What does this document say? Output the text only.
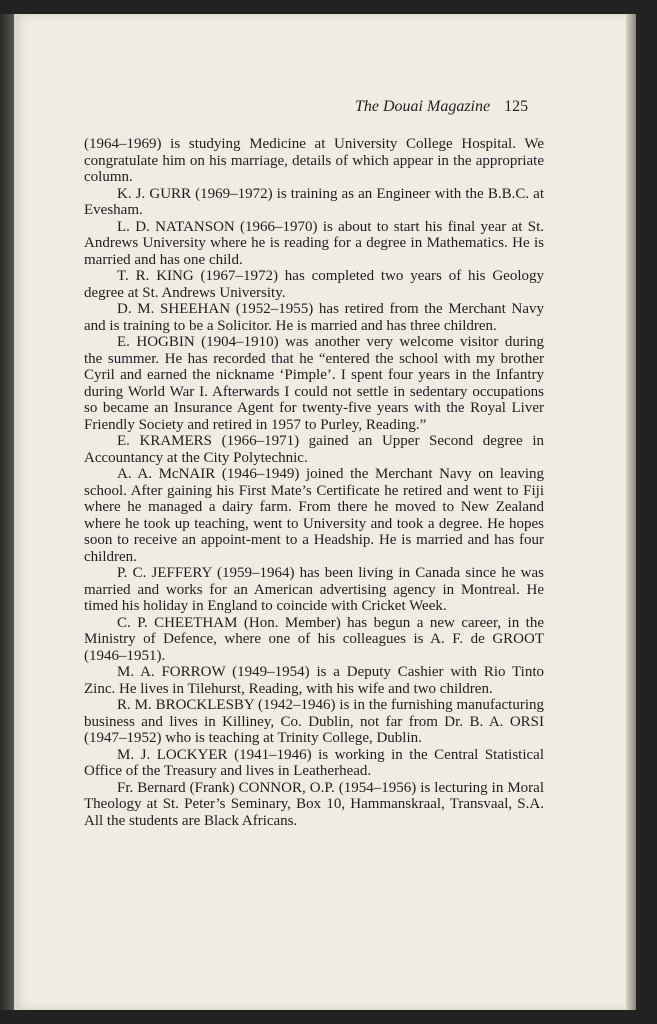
The Douai Magazine 125

(1964–1969) is studying Medicine at University College Hospital. We congratulate him on his marriage, details of which appear in the appropriate column.

K. J. GURR (1969–1972) is training as an Engineer with the B.B.C. at Evesham.

L. D. NATANSON (1966–1970) is about to start his final year at St. Andrews University where he is reading for a degree in Mathematics. He is married and has one child.

T. R. KING (1967–1972) has completed two years of his Geology degree at St. Andrews University.

D. M. SHEEHAN (1952–1955) has retired from the Merchant Navy and is training to be a Solicitor. He is married and has three children.

E. HOGBIN (1904–1910) was another very welcome visitor during the summer. He has recorded that he “entered the school with my brother Cyril and earned the nickname ‘Pimple’. I spent four years in the Infantry during World War I. Afterwards I could not settle in sedentary occupations so became an Insurance Agent for twenty-five years with the Royal Liver Friendly Society and retired in 1957 to Purley, Reading.”

E. KRAMERS (1966–1971) gained an Upper Second degree in Accountancy at the City Polytechnic.

A. A. McNAIR (1946–1949) joined the Merchant Navy on leaving school. After gaining his First Mate’s Certificate he retired and went to Fiji where he managed a dairy farm. From there he moved to New Zealand where he took up teaching, went to University and took a degree. He hopes soon to receive an appoint-ment to a Headship. He is married and has four children.

P. C. JEFFERY (1959–1964) has been living in Canada since he was married and works for an American advertising agency in Montreal. He timed his holiday in England to coincide with Cricket Week.

C. P. CHEETHAM (Hon. Member) has begun a new career, in the Ministry of Defence, where one of his colleagues is A. F. de GROOT (1946–1951).

M. A. FORROW (1949–1954) is a Deputy Cashier with Rio Tinto Zinc. He lives in Tilehurst, Reading, with his wife and two children.

R. M. BROCKLESBY (1942–1946) is in the furnishing manufacturing business and lives in Killiney, Co. Dublin, not far from Dr. B. A. ORSI (1947–1952) who is teaching at Trinity College, Dublin.

M. J. LOCKYER (1941–1946) is working in the Central Statistical Office of the Treasury and lives in Leatherhead.

Fr. Bernard (Frank) CONNOR, O.P. (1954–1956) is lecturing in Moral Theology at St. Peter’s Seminary, Box 10, Hammanskraal, Transvaal, S.A. All the students are Black Africans.
